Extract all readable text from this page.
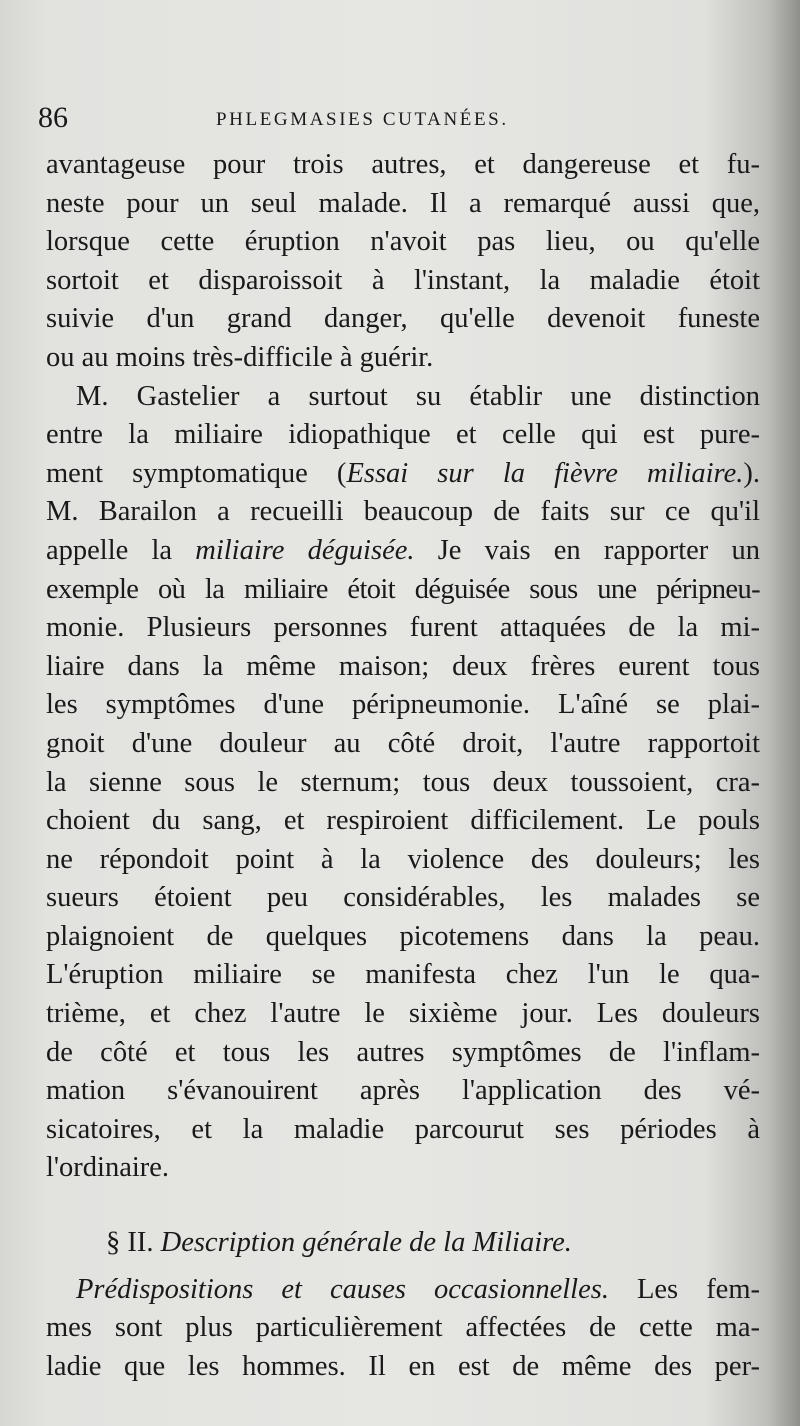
86	PHLEGMASIES CUTANÉES.
avantageuse pour trois autres, et dangereuse et fu-
neste pour un seul malade. Il a remarqué aussi que,
lorsque cette éruption n'avoit pas lieu, ou qu'elle
sortoit et disparoissoit à l'instant, la maladie étoit
suivie d'un grand danger, qu'elle devenoit funeste
ou au moins très-difficile à guérir.
M. Gastelier a surtout su établir une distinction
entre la miliaire idiopathique et celle qui est pure-
ment symptomatique (Essai sur la fièvre miliaire.).
M. Barailon a recueilli beaucoup de faits sur ce qu'il
appelle la miliaire déguisée. Je vais en rapporter un
exemple où la miliaire étoit déguisée sous une péripneu-
monie. Plusieurs personnes furent attaquées de la mi-
liaire dans la même maison; deux frères eurent tous
les symptômes d'une péripneumonie. L'aîné se plai-
gnoit d'une douleur au côté droit, l'autre rapportoit
la sienne sous le sternum; tous deux toussoient, cra-
choient du sang, et respiroient difficilement. Le pouls
ne répondoit point à la violence des douleurs; les
sueurs étoient peu considérables, les malades se
plaignoient de quelques picotemens dans la peau.
L'éruption miliaire se manifesta chez l'un le qua-
trième, et chez l'autre le sixième jour. Les douleurs
de côté et tous les autres symptômes de l'inflam-
mation s'évanouirent après l'application des vé-
sicatoires, et la maladie parcourut ses périodes à
l'ordinaire.
§ II. Description générale de la Miliaire.
Prédispositions et causes occasionnelles. Les fem-
mes sont plus particulièrement affectées de cette ma-
ladie que les hommes. Il en est de même des per-
